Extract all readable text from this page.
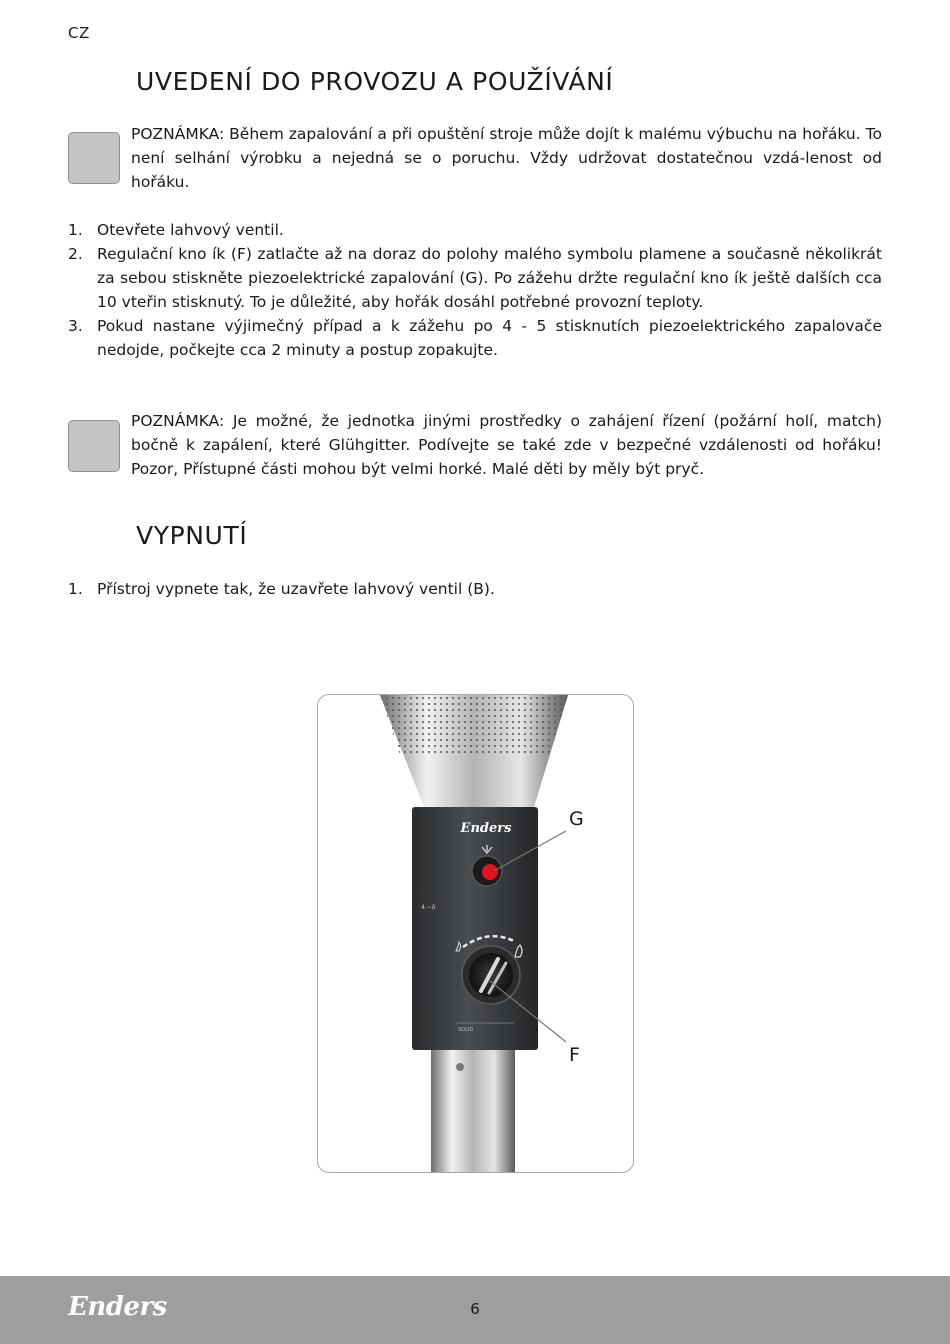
CZ
UVEDENÍ DO PROVOZU A POUŽÍVÁNÍ

POZNÁMKA: Během zapalování a při opuštění stroje může dojít k malému výbuchu na hořáku. To není selhání výrobku a nejedná se o poruchu. Vždy udržovat dostatečnou vzdá-lenost od hořáku.

1. Otevřete lahvový ventil.
2. Regulační kno ík (F) zatlačte až na doraz do polohy malého symbolu plamene a současně několikrát za sebou stiskněte piezoelektrické zapalování (G). Po zážehu držte regulační kno ík ještě dalších cca 10 vteřin stisknutý. To je důležité, aby hořák dosáhl potřebné provozní teploty.
3. Pokud nastane výjimečný případ a k zážehu po 4 - 5 stisknutích piezoelektrického zapalovače nedojde, počkejte cca 2 minuty a postup zopakujte.

POZNÁMKA: Je možné, že jednotka jinými prostředky o zahájení řízení (požární holí, match) bočně k zapálení, které Glühgitter. Podívejte se také zde v bezpečné vzdálenosti od hořáku! Pozor, Přístupné části mohou být velmi horké. Malé děti by měly být pryč.

VYPNUTÍ
1. Přístroj vypnete tak, že uzavřete lahvový ventil (B).
Enders
4.~ō
SOLID
G
F
Enders	6
